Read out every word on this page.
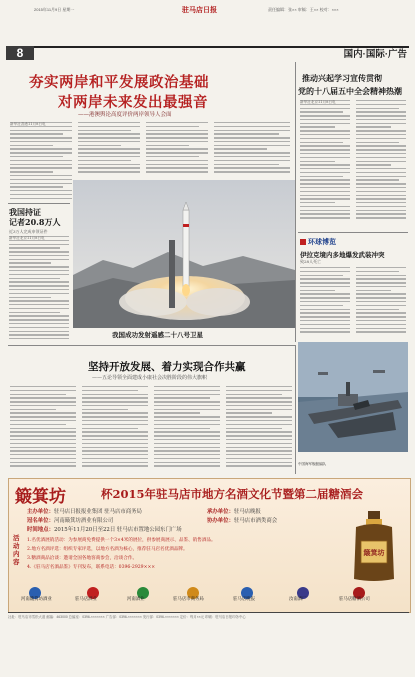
2015年11月9日 星期一	驻马店日报	责任编辑：张×× 审稿：王×× 校对：×××
8	国内·国际·广告
夯实两岸和平发展政治基础
对两岸未来发出最强音
——港澳舆论高度评价两岸领导人会面
新华社香港11月8日电
推动兴起学习宣传贯彻
党的十八届五中全会精神热潮
新华社北京11月8日电
环球博览
伊拉克境内多地爆发武装冲突
致28人死亡
我国持证
记者20.8万人
近3万人完成申领证件
新华社北京11月8日电
我国成功发射遥感二十八号卫星
坚持开放发展、着力实现合作共赢
——五论导领全面建成小康社会决胜阶段的伟大旗帜
中国海军舰艇编队
簸箕坊	杯2015年驻马店市地方名酒文化节暨第二届糖酒会
主办单位：驻马店日报报业集团 驻马店市商务局	承办单位：驻马店晚报
冠名单位：河南簸箕坊酒业有限公司	协办单位：驻马店市酒类商会
时间地点：2015年11月20日至22日 驻马店市置地公园东门广场
活动内容
1.名优酒展销活动：为参展商免费提供一个3×4米的展位，供参展商展示、品鉴、销售酒品。
2.地方名酒评选：组织专家评选，以地方名酒为核心，推荐驻马店名优酒品牌。
3.糖酒商品洽谈：邀请全国各地客商参会，洽谈合作。
4.《驻马店名酒品鉴》专刊发布，联系电话：0396-2929×××
簸箕坊
河南簸箕坊酒业	驻马店酒业	河南酒业	驻马店市商务局	驻马店晚报	汝南酒厂	驻马店糖酒公司
社址：驻马店市雪松大道 邮编：463000 总编室：0396-××××××× 广告部：0396-××××××× 发行部：0396-××××××× 定价：每月××元 印刷：驻马店日报印务中心
